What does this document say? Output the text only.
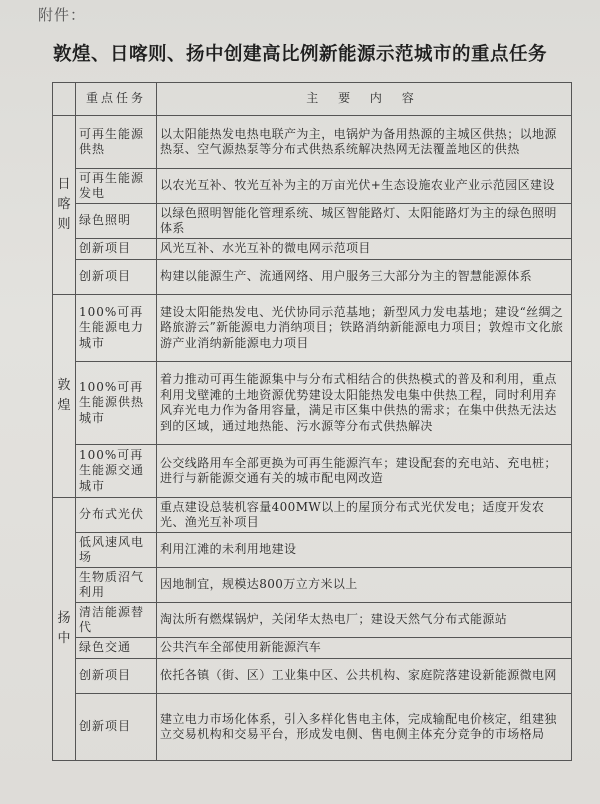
附件：
敦煌、日喀则、扬中创建高比例新能源示范城市的重点任务
	重点任务	主 要 内 容

日
喀
则	可再生能源供热	以太阳能热发电热电联产为主，电锅炉为备用热源的主城区供热；以地源热泵、空气源热泵等分布式供热系统解决热网无法覆盖地区的供热
	可再生能源发电	以农光互补、牧光互补为主的万亩光伏+生态设施农业产业示范园区建设
	绿色照明	以绿色照明智能化管理系统、城区智能路灯、太阳能路灯为主的绿色照明体系
	创新项目	风光互补、水光互补的微电网示范项目
	创新项目	构建以能源生产、流通网络、用户服务三大部分为主的智慧能源体系

敦
煌	100%可再生能源电力城市	建设太阳能热发电、光伏协同示范基地；新型风力发电基地；建设“丝绸之路旅游云”新能源电力消纳项目；铁路消纳新能源电力项目；敦煌市文化旅游产业消纳新能源电力项目
	100%可再生能源供热城市	着力推动可再生能源集中与分布式相结合的供热模式的普及和利用，重点利用戈壁滩的土地资源优势建设太阳能热发电集中供热工程，同时利用弃风弃光电力作为备用容量，满足市区集中供热的需求；在集中供热无法达到的区域，通过地热能、污水源等分布式供热解决
	100%可再生能源交通城市	公交线路用车全部更换为可再生能源汽车；建设配套的充电站、充电桩；进行与新能源交通有关的城市配电网改造

扬
中	分布式光伏	重点建设总装机容量400MW以上的屋顶分布式光伏发电；适度开发农光、渔光互补项目
	低风速风电场	利用江滩的未利用地建设
	生物质沼气利用	因地制宜，规模达800万立方米以上
	清洁能源替代	淘汰所有燃煤锅炉，关闭华太热电厂；建设天然气分布式能源站
	绿色交通	公共汽车全部使用新能源汽车
	创新项目	依托各镇（街、区）工业集中区、公共机构、家庭院落建设新能源微电网
	创新项目	建立电力市场化体系，引入多样化售电主体，完成输配电价核定，组建独立交易机构和交易平台，形成发电侧、售电侧主体充分竞争的市场格局
